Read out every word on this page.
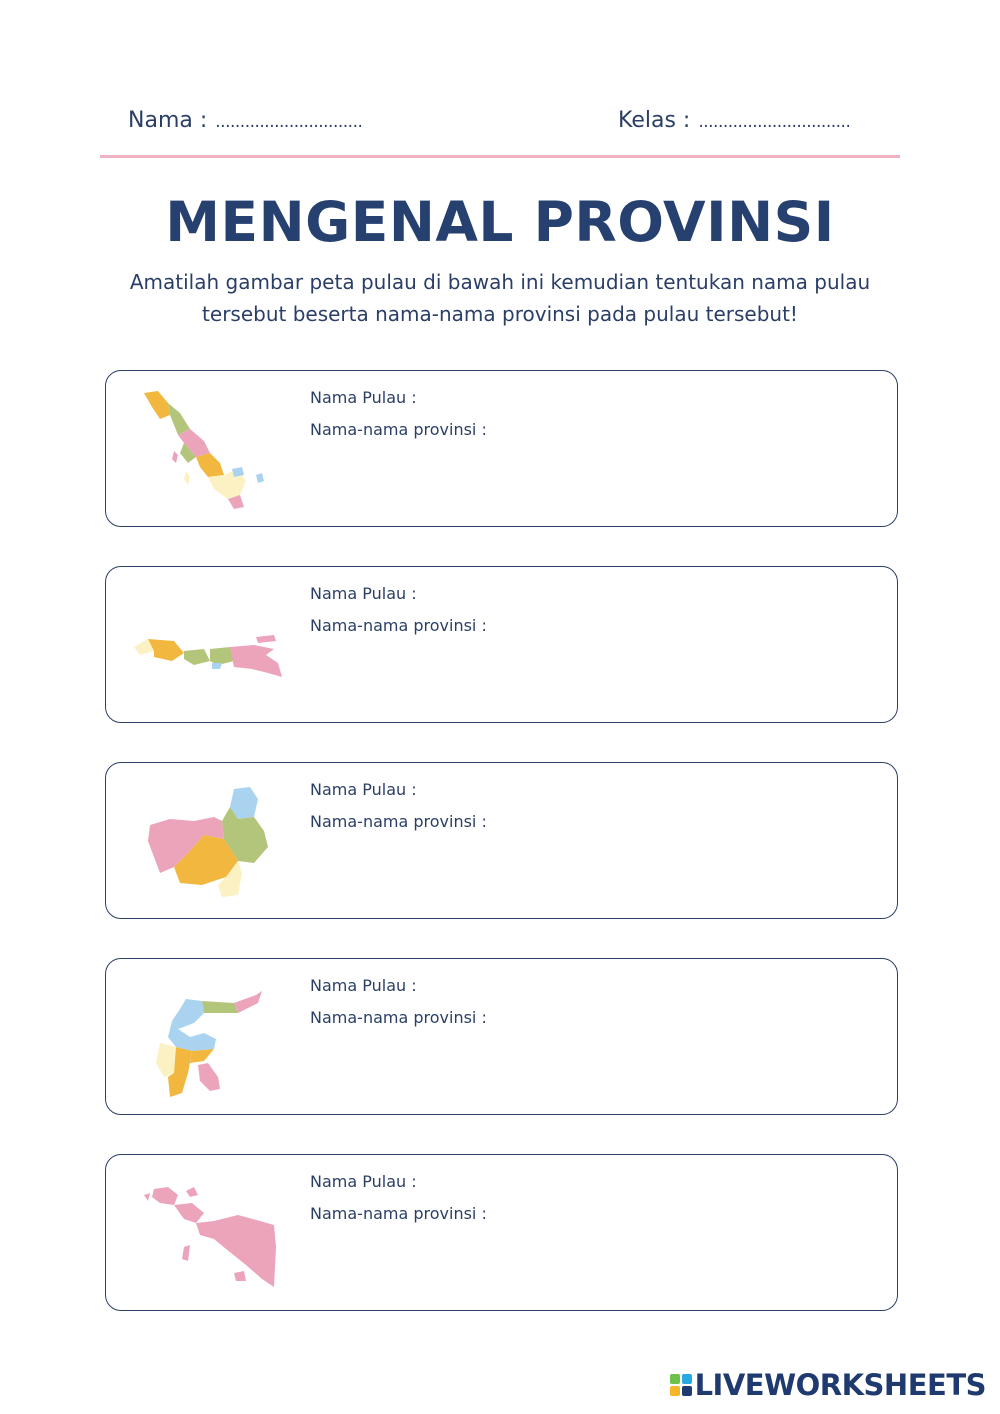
Nama : ..............................	Kelas : ...............................
MENGENAL PROVINSI
Amatilah gambar peta pulau di bawah ini kemudian tentukan nama pulau tersebut beserta nama-nama provinsi pada pulau tersebut!
Nama Pulau :
Nama-nama provinsi :
Nama Pulau :
Nama-nama provinsi :
Nama Pulau :
Nama-nama provinsi :
Nama Pulau :
Nama-nama provinsi :
Nama Pulau :
Nama-nama provinsi :
LIVEWORKSHEETS
